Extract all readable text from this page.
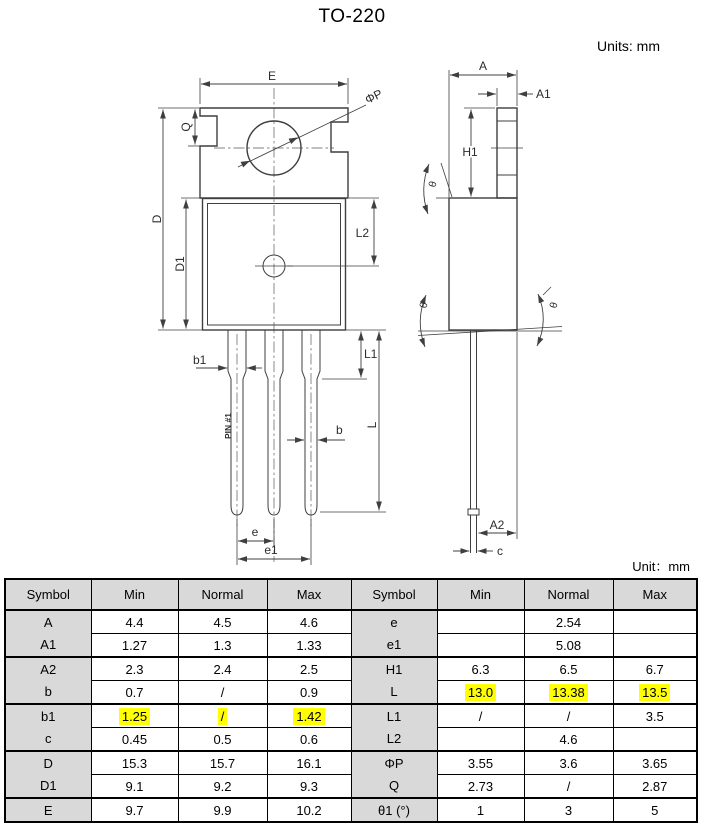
TO-220
Units: mm
Unit：mm
E
ΦP
Q
D
D1
L2
b1	L1
L
b
e
e1
PIN #1
A
A1
H1
θ
θ	θ
A2
c
Symbol	Min	Normal	Max	Symbol	Min	Normal	Max
A	4.4	4.5	4.6	e		2.54	
A1	1.27	1.3	1.33	e1		5.08	
A2	2.3	2.4	2.5	H1	6.3	6.5	6.7
b	0.7	/	0.9	L	13.0	13.38	13.5
b1	1.25	/	1.42	L1	/	/	3.5
c	0.45	0.5	0.6	L2		4.6	
D	15.3	15.7	16.1	ΦP	3.55	3.6	3.65
D1	9.1	9.2	9.3	Q	2.73	/	2.87
E	9.7	9.9	10.2	θ1 (°)	1	3	5
